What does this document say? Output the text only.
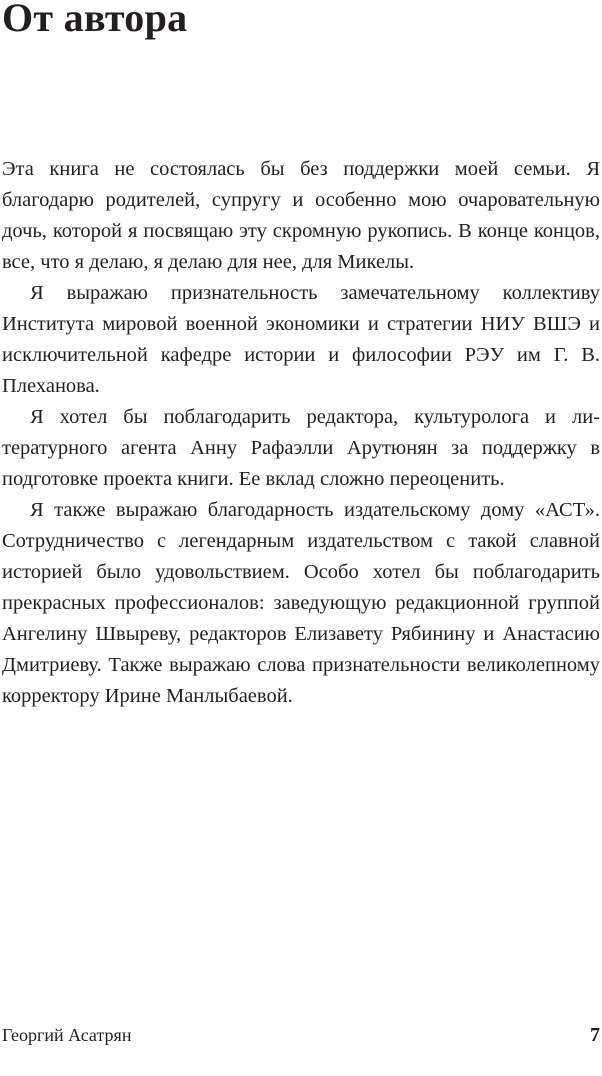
От автора

Эта книга не состоялась бы без поддержки моей семьи. Я благодарю родителей, супругу и особенно мою очаровательную дочь, которой я посвящаю эту скромную рукопись. В конце концов, все, что я делаю, я делаю для нее, для Микелы.

Я выражаю признательность замечательному коллективу Института мировой военной экономики и стратегии НИУ ВШЭ и исключительной кафедре истории и философии РЭУ им Г. В. Плеханова.

Я хотел бы поблагодарить редактора, культуролога и литературного агента Анну Рафаэлли Арутюнян за поддержку в подготовке проекта книги. Ее вклад сложно переоценить.

Я также выражаю благодарность издательскому дому «АСТ». Сотрудничество с легендарным издательством с такой славной историей было удовольствием. Особо хотел бы поблагодарить прекрасных профессионалов: заведующую редакционной группой Ангелину Швыреву, редакторов Елизавету Рябинину и Анастасию Дмитриеву. Также выражаю слова признательности великолепному корректору Ирине Манлыбаевой.

Георгий Асатрян	7
